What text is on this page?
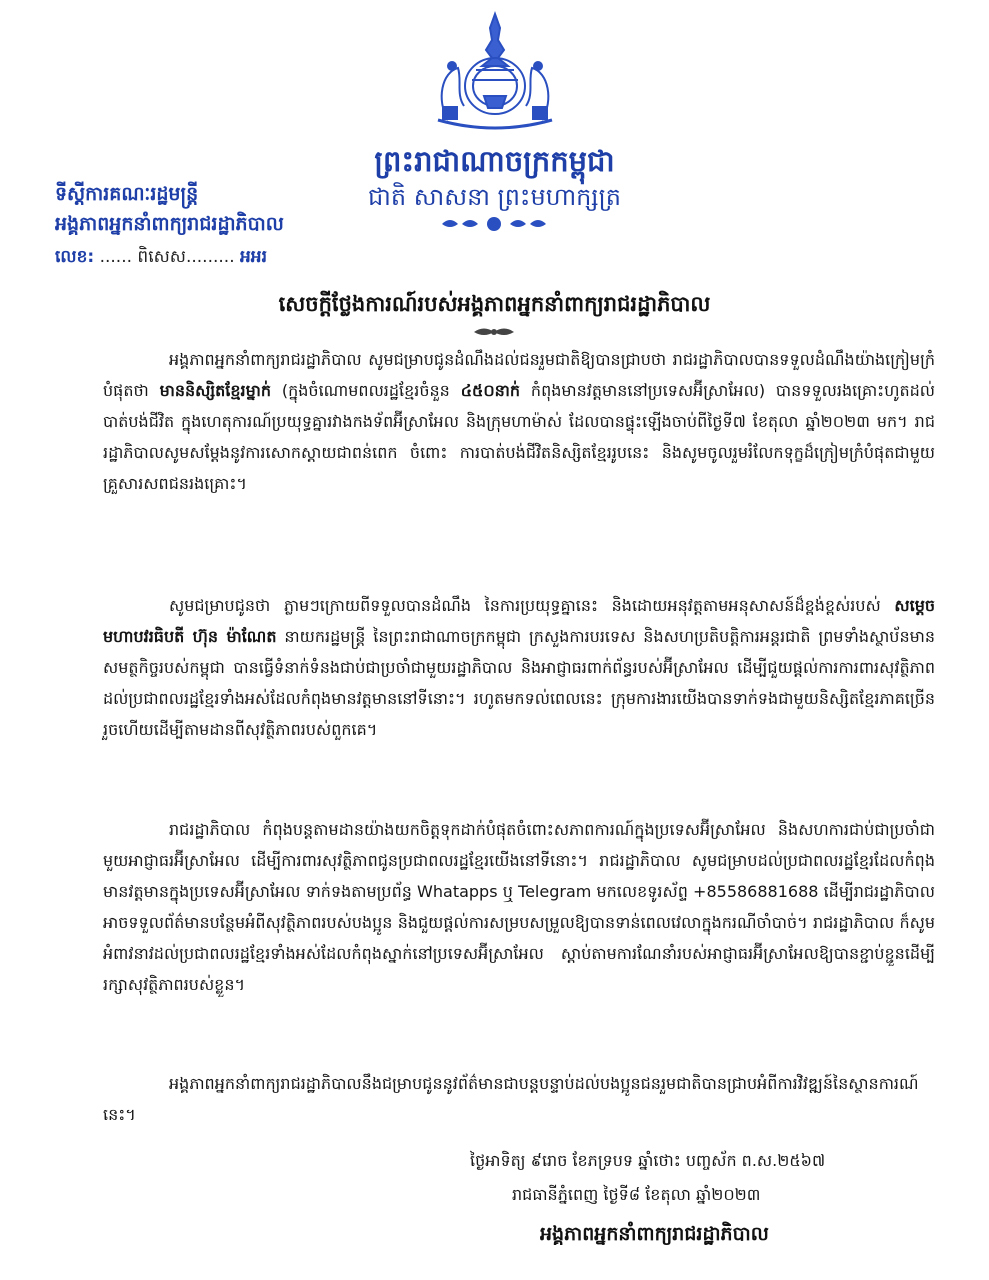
ព្រះរាជាណាចក្រកម្ពុជា
ជាតិ សាសនា ព្រះមហាក្សត្រ
ទីស្តីការគណៈរដ្ឋមន្ត្រី
អង្គភាពអ្នកនាំពាក្យរាជរដ្ឋាភិបាល
លេខ: ...... ពិសេស......... អអរ
សេចក្តីថ្លែងការណ៍របស់អង្គភាពអ្នកនាំពាក្យរាជរដ្ឋាភិបាល
អង្គភាពអ្នកនាំពាក្យរាជរដ្ឋាភិបាល សូមជម្រាបជូនដំណឹងដល់ជនរួមជាតិឱ្យបានជ្រាបថា រាជរដ្ឋាភិបាលបានទទួលដំណឹងយ៉ាងក្រៀមក្រំបំផុតថា មាននិស្សិតខ្មែរម្នាក់ (ក្នុងចំណោមពលរដ្ឋខ្មែរចំនួន ៤៥០នាក់ កំពុងមានវត្តមាននៅប្រទេសអ៊ីស្រាអែល) បានទទួលរងគ្រោះហូតដល់បាត់បង់ជីវិត ក្នុងហេតុការណ៍ប្រយុទ្ធគ្នារវាងកងទ័ពអ៊ីស្រាអែល និងក្រុមហាម៉ាស់ ដែលបានផ្ទុះឡើងចាប់ពីថ្ងៃទី៧ ខែតុលា ឆ្នាំ២០២៣ មក។ រាជរដ្ឋាភិបាលសូមសម្តែងនូវការសោកស្តាយជាពន់ពេក ចំពោះ ការបាត់បង់ជីវិតនិស្សិតខ្មែររូបនេះ និងសូមចូលរួមរំលែកទុក្ខដ៏ក្រៀមក្រំបំផុតជាមួយគ្រួសារសពជនរងគ្រោះ។
សូមជម្រាបជូនថា ភ្លាមៗក្រោយពីទទួលបានដំណឹង នៃការប្រយុទ្ធគ្នានេះ និងដោយអនុវត្តតាមអនុសាសន៍ដ៏ខ្ពង់ខ្ពស់របស់ សម្តេចមហាបវរធិបតី ហ៊ុន ម៉ាណែត នាយករដ្ឋមន្ត្រី នៃព្រះរាជាណាចក្រកម្ពុជា ក្រសួងការបរទេស និងសហប្រតិបត្តិការអន្តរជាតិ ព្រមទាំងស្ថាប័នមានសមត្ថកិច្ចរបស់កម្ពុជា បានធ្វើទំនាក់ទំនងជាប់ជាប្រចាំជាមួយរដ្ឋាភិបាល និងអាជ្ញាធរពាក់ព័ន្ធរបស់អ៊ីស្រាអែល ដើម្បីជួយផ្តល់ការការពារសុវត្ថិភាពដល់ប្រជាពលរដ្ឋខ្មែរទាំងអស់ដែលកំពុងមានវត្តមាននៅទីនោះ។ រហូតមកទល់ពេលនេះ ក្រុមការងារយើងបានទាក់ទងជាមួយនិស្សិតខ្មែរភាគច្រើនរួចហើយដើម្បីតាមដានពីសុវត្ថិភាពរបស់ពួកគេ។
រាជរដ្ឋាភិបាល កំពុងបន្តតាមដានយ៉ាងយកចិត្តទុកដាក់បំផុតចំពោះសភាពការណ៍ក្នុងប្រទេសអ៊ីស្រាអែល និងសហការជាប់ជាប្រចាំជាមួយអាជ្ញាធរអ៊ីស្រាអែល ដើម្បីការពារសុវត្ថិភាពជូនប្រជាពលរដ្ឋខ្មែរយើងនៅទីនោះ។ រាជរដ្ឋាភិបាល សូមជម្រាបដល់ប្រជាពលរដ្ឋខ្មែរដែលកំពុងមានវត្តមានក្នុងប្រទេសអ៊ីស្រាអែល ទាក់ទងតាមប្រព័ន្ធ Whatapps ឬ Telegram មកលេខទូរស័ព្ទ +85586881688 ដើម្បីរាជរដ្ឋាភិបាលអាចទទួលព័ត៌មានបន្ថែមអំពីសុវត្ថិភាពរបស់បងប្អូន និងជួយផ្តល់ការសម្របសម្រួលឱ្យបានទាន់ពេលវេលាក្នុងករណីចាំបាច់។ រាជរដ្ឋាភិបាល ក៏សូមអំពាវនាវដល់ប្រជាពលរដ្ឋខ្មែរទាំងអស់ដែលកំពុងស្នាក់នៅប្រទេសអ៊ីស្រាអែល ស្តាប់តាមការណែនាំរបស់អាជ្ញាធរអ៊ីស្រាអែលឱ្យបានខ្ជាប់ខ្ជួនដើម្បីរក្សាសុវត្ថិភាពរបស់ខ្លួន។
អង្គភាពអ្នកនាំពាក្យរាជរដ្ឋាភិបាលនឹងជម្រាបជូននូវព័ត៌មានជាបន្តបន្ទាប់ដល់បងប្អូនជនរួមជាតិបានជ្រាបអំពីការវិវឌ្ឍន៍នៃស្ថានការណ៍នេះ។
ថ្ងៃអាទិត្យ ៩រោច ខែភទ្របទ ឆ្នាំថោះ បញ្ចស័ក ព.ស.២៥៦៧
រាជធានីភ្នំពេញ ថ្ងៃទី៨ ខែតុលា ឆ្នាំ២០២៣
អង្គភាពអ្នកនាំពាក្យរាជរដ្ឋាភិបាល
